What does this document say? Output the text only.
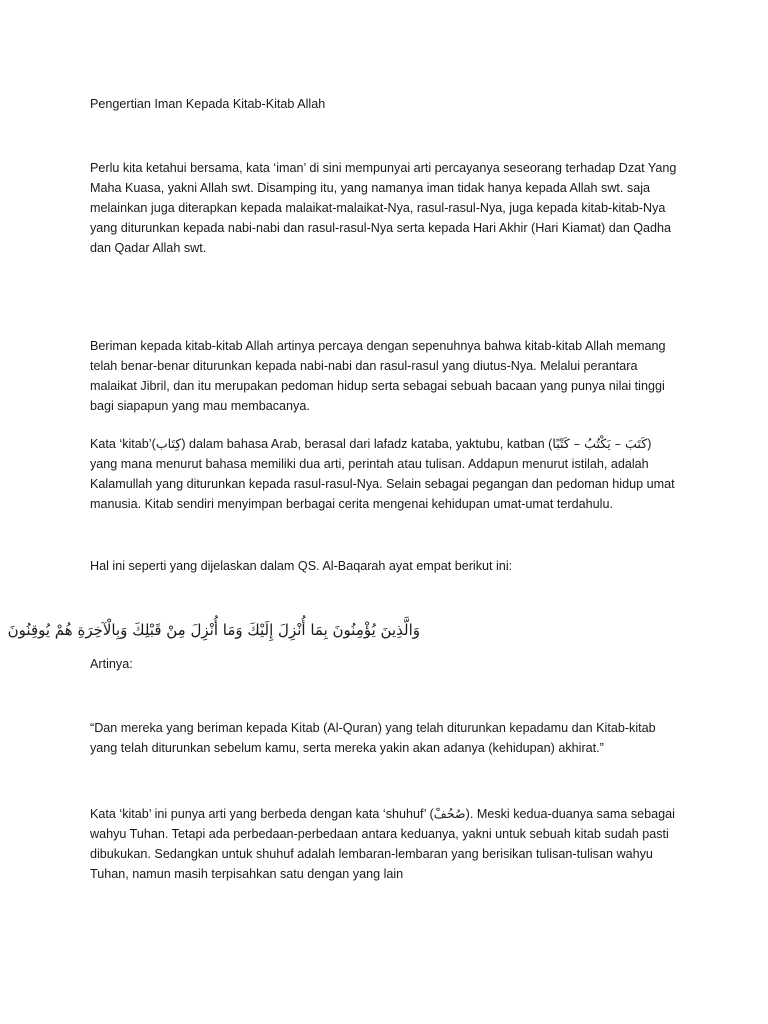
Pengertian Iman Kepada Kitab-Kitab Allah

Perlu kita ketahui bersama, kata ‘iman’ di sini mempunyai arti percayanya seseorang terhadap Dzat Yang Maha Kuasa, yakni Allah swt. Disamping itu, yang namanya iman tidak hanya kepada Allah swt. saja melainkan juga diterapkan kepada malaikat-malaikat-Nya, rasul-rasul-Nya, juga kepada kitab-kitab-Nya yang diturunkan kepada nabi-nabi dan rasul-rasul-Nya serta kepada Hari Akhir (Hari Kiamat) dan Qadha dan Qadar Allah swt.

Beriman kepada kitab-kitab Allah artinya percaya dengan sepenuhnya bahwa kitab-kitab Allah memang telah benar-benar diturunkan kepada nabi-nabi dan rasul-rasul yang diutus-Nya. Melalui perantara malaikat Jibril, dan itu merupakan pedoman hidup serta sebagai sebuah bacaan yang punya nilai tinggi bagi siapapun yang mau membacanya.

Kata ‘kitab’(كِتَاب) dalam bahasa Arab, berasal dari lafadz kataba, yaktubu, katban (كَتَبَ – يَكْتُبُ – كَتْبًا) yang mana menurut bahasa memiliki dua arti, perintah atau tulisan. Addapun menurut istilah, adalah Kalamullah yang diturunkan kepada rasul-rasul-Nya. Selain sebagai pegangan dan pedoman hidup umat manusia. Kitab sendiri menyimpan berbagai cerita mengenai kehidupan umat-umat terdahulu.

Hal ini seperti yang dijelaskan dalam QS. Al-Baqarah ayat empat berikut ini:

وَالَّذِينَ يُؤْمِنُونَ بِمَا أُنْزِلَ إِلَيْكَ وَمَا أُنْزِلَ مِنْ قَبْلِكَ وَبِالْآخِرَةِ هُمْ يُوقِنُونَ

Artinya:

“Dan mereka yang beriman kepada Kitab (Al-Quran) yang telah diturunkan kepadamu dan Kitab-kitab yang telah diturunkan sebelum kamu, serta mereka yakin akan adanya (kehidupan) akhirat.”

Kata ‘kitab’ ini punya arti yang berbeda dengan kata ‘shuhuf’ (صُحُفْ). Meski kedua-duanya sama sebagai wahyu Tuhan. Tetapi ada perbedaan-perbedaan antara keduanya, yakni untuk sebuah kitab sudah pasti dibukukan. Sedangkan untuk shuhuf adalah lembaran-lembaran yang berisikan tulisan-tulisan wahyu Tuhan, namun masih terpisahkan satu dengan yang lain
